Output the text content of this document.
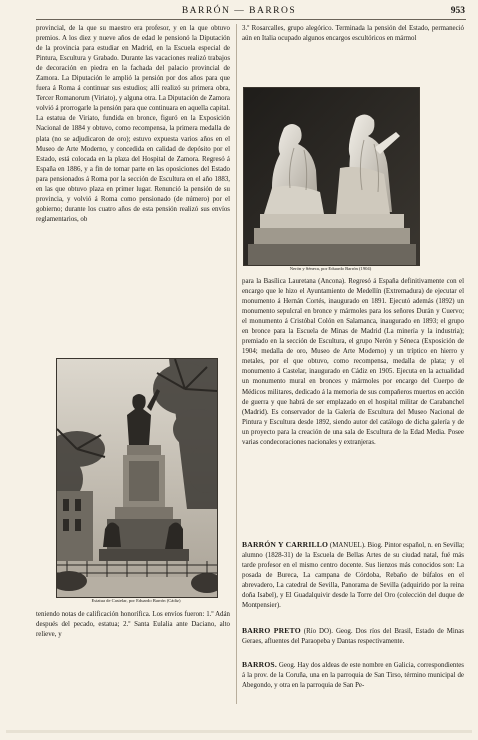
BARRÓN — BARROS	953

provincial, de la que su maestro era profesor, y en la que obtuvo premios. A los diez y nueve años de edad le pensionó la Diputación de la provincia para estudiar en Madrid, en la Escuela especial de Pintura, Escultura y Grabado. Durante las vacaciones realizó trabajos de decoración en piedra en la fachada del palacio provincial de Zamora. La Diputación le amplió la pensión por dos años para que fuera á Roma á continuar sus estudios; allí realizó su primera obra, Tercer Romanorum (Viriato), y alguna otra. La Diputación de Zamora volvió á prorrogarle la pensión para que continuara en aquella capital. La estatua de Viriato, fundida en bronce, figuró en la Exposición Nacional de 1884 y obtuvo, como recompensa, la primera medalla de plata (no se adjudicaron de oro); estuvo expuesta varios años en el Museo de Arte Moderno, y concedida en calidad de depósito por el Estado, está colocada en la plaza del Hospital de Zamora. Regresó á España en 1886, y a fin de tomar parte en las oposiciones del Estado para pensionados á Roma por la sección de Escultura en el año 1883, en las que obtuvo plaza en primer lugar. Renunció la pensión de su provincia, y volvió á Roma como pensionado (de número) por el gobierno; durante los cuatro años de esta pensión realizó sus envíos reglamentarios, ob

Estatua de Castelar, por Eduardo Barrón (Cádiz)

teniendo notas de calificación honorífica. Los envíos fueron: 1.º Adán después del pecado, estatua; 2.º Santa Eulalia ante Daciano, alto relieve, y

3.º Rosarcalles, grupo alegórico. Terminada la pensión del Estado, permaneció aún en Italia ocupado algunos encargos escultóricos en mármol

Nerón y Séneca, por Eduardo Barrón (1904)

para la Basílica Lauretana (Ancona). Regresó á España definitivamente con el encargo que le hizo el Ayuntamiento de Medellín (Extremadura) de ejecutar el monumento á Hernán Cortés, inaugurado en 1891. Ejecutó además (1892) un monumento sepulcral en bronce y mármoles para los señores Durán y Cuervo; el monumento á Cristóbal Colón en Salamanca, inaugurado en 1893; el grupo en bronce para la Escuela de Minas de Madrid (La minería y la industria); premiado en la sección de Escultura, el grupo Nerón y Séneca (Exposición de 1904; medalla de oro, Museo de Arte Moderno) y un tríptico en hierro y metales, por el que obtuvo, como recompensa, medalla de plata; y el monumento á Castelar, inaugurado en Cádiz en 1905. Ejecuta en la actualidad un monumento mural en bronces y mármoles por encargo del Cuerpo de Médicos militares, dedicado á la memoria de sus compañeros muertos en acción de guerra y que habrá de ser emplazado en el hospital militar de Carabanchel (Madrid). Es conservador de la Galería de Escultura del Museo Nacional de Pintura y Escultura desde 1892, siendo autor del catálogo de dicha galería y de un proyecto para la creación de una sala de Escultura de la Edad Media. Posee varias condecoraciones nacionales y extranjeras.

BARRÓN Y CARRILLO (MANUEL). Biog. Pintor español, n. en Sevilla; alumno (1828-31) de la Escuela de Bellas Artes de su ciudad natal, fué más tarde profesor en el mismo centro docente. Sus lienzos más conocidos son: La posada de Bureca, La campana de Córdoba, Rebaño de búfalos en el abrevadero, La catedral de Sevilla, Panorama de Sevilla (adquirido por la reina doña Isabel), y El Guadalquivir desde la Torre del Oro (colección del duque de Montpensier).

BARRO PRETO (Río DO). Geog. Dos ríos del Brasil, Estado de Minas Geraes, afluentes del Paraopeba y Dantas respectivamente.

BARROS. Geog. Hay dos aldeas de este nombre en Galicia, correspondientes á la prov. de la Coruña, una en la parroquia de San Tirso, término municipal de Abegondo, y otra en la parroquia de San Pe-
